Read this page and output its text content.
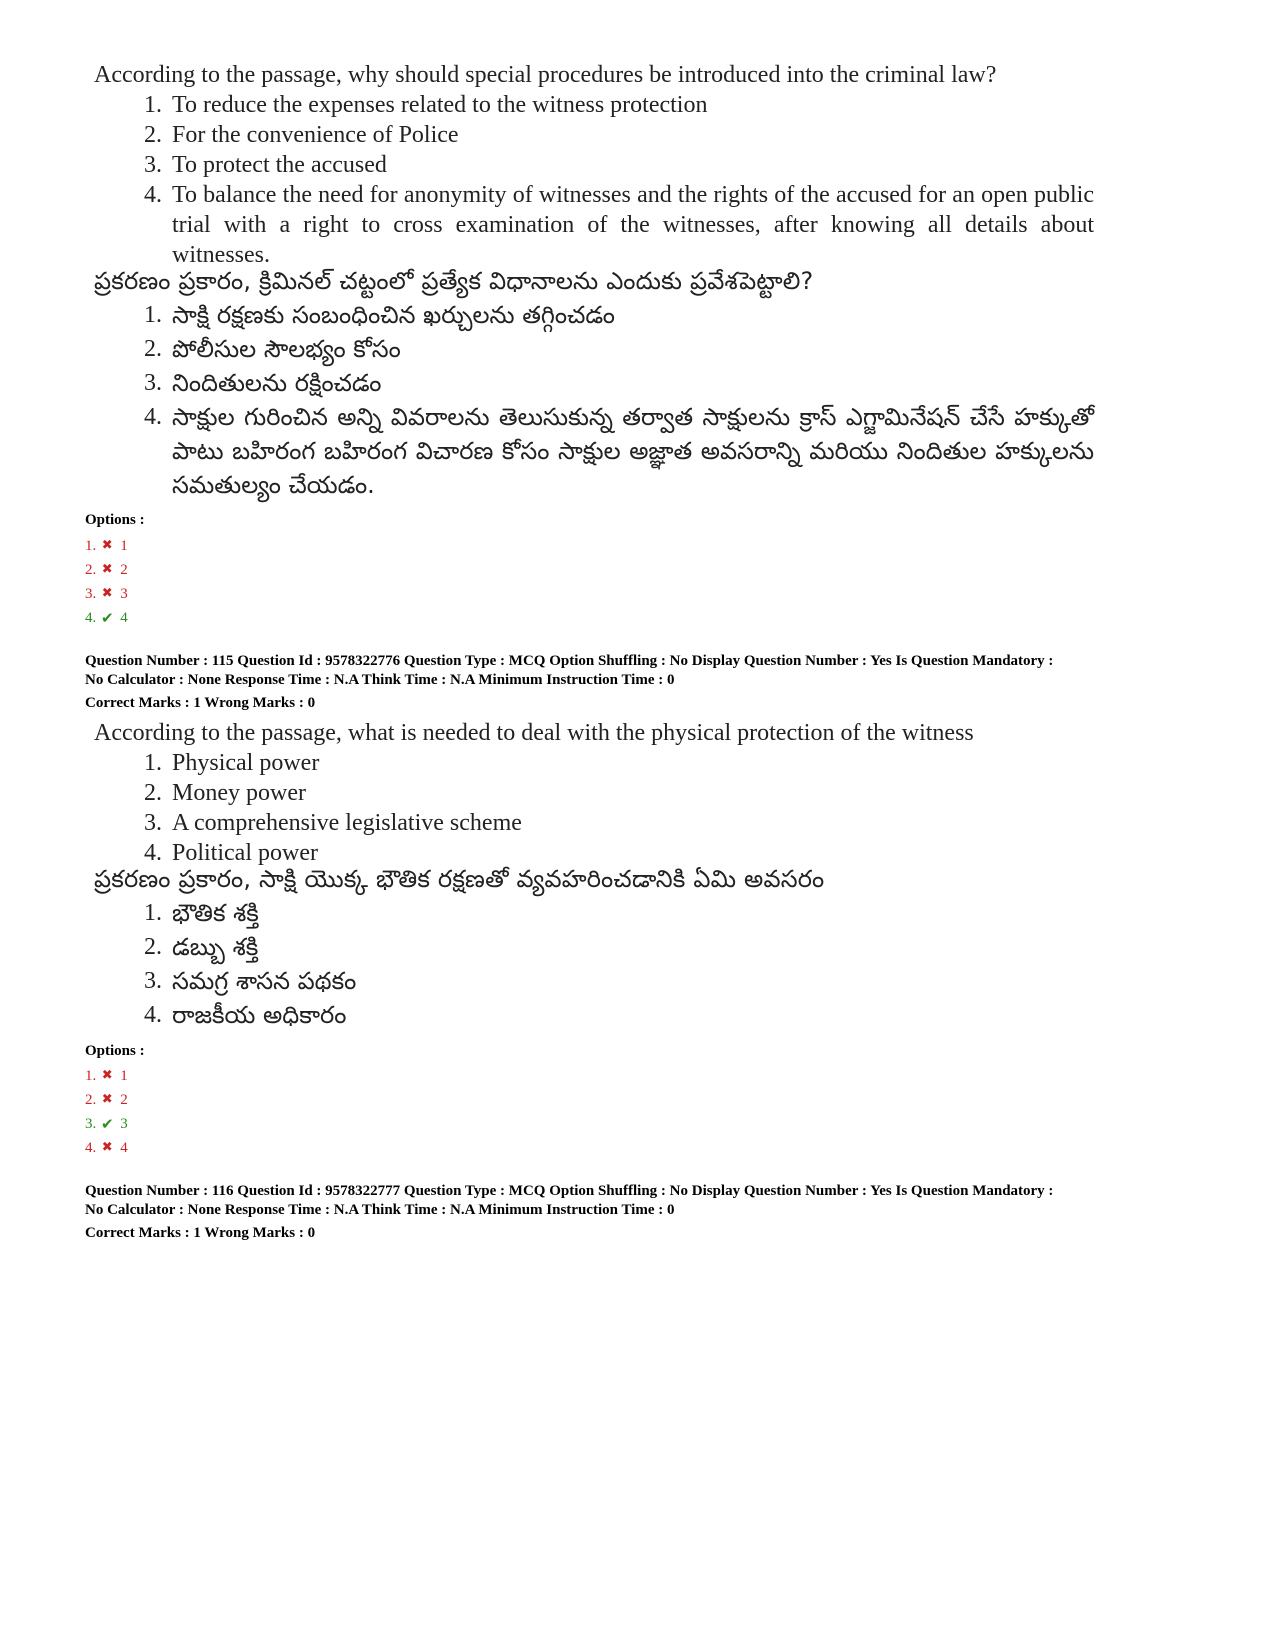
According to the passage, why should special procedures be introduced into the criminal law?

1. To reduce the expenses related to the witness protection
2. For the convenience of Police
3. To protect the accused
4. To balance the need for anonymity of witnesses and the rights of the accused for an open public trial with a right to cross examination of the witnesses, after knowing all details about witnesses.

ప్రకరణం ప్రకారం, క్రిమినల్ చట్టంలో ప్రత్యేక విధానాలను ఎందుకు ప్రవేశపెట్టాలి?

1. సాక్షి రక్షణకు సంబంధించిన ఖర్చులను తగ్గించడం
2. పోలీసుల సౌలభ్యం కోసం
3. నిందితులను రక్షించడం
4. సాక్షుల గురించిన అన్ని వివరాలను తెలుసుకున్న తర్వాత సాక్షులను క్రాస్ ఎగ్జామినేషన్ చేసే హక్కుతో పాటు బహిరంగ బహిరంగ విచారణ కోసం సాక్షుల అజ్ఞాత అవసరాన్ని మరియు నిందితుల హక్కులను సమతుల్యం చేయడం.
Options :
1. ✖ 1
2. ✖ 2
3. ✖ 3
4. ✔ 4
Question Number : 115 Question Id : 9578322776 Question Type : MCQ Option Shuffling : No Display Question Number : Yes Is Question Mandatory :
No Calculator : None Response Time : N.A Think Time : N.A Minimum Instruction Time : 0
Correct Marks : 1 Wrong Marks : 0

According to the passage, what is needed to deal with the physical protection of the witness

1. Physical power
2. Money power
3. A comprehensive legislative scheme
4. Political power

ప్రకరణం ప్రకారం, సాక్షి యొక్క భౌతిక రక్షణతో వ్యవహరించడానికి ఏమి అవసరం

1. భౌతిక శక్తి
2. డబ్బు శక్తి
3. సమగ్ర శాసన పథకం
4. రాజకీయ అధికారం
Options :
1. ✖ 1
2. ✖ 2
3. ✔ 3
4. ✖ 4
Question Number : 116 Question Id : 9578322777 Question Type : MCQ Option Shuffling : No Display Question Number : Yes Is Question Mandatory :
No Calculator : None Response Time : N.A Think Time : N.A Minimum Instruction Time : 0
Correct Marks : 1 Wrong Marks : 0
